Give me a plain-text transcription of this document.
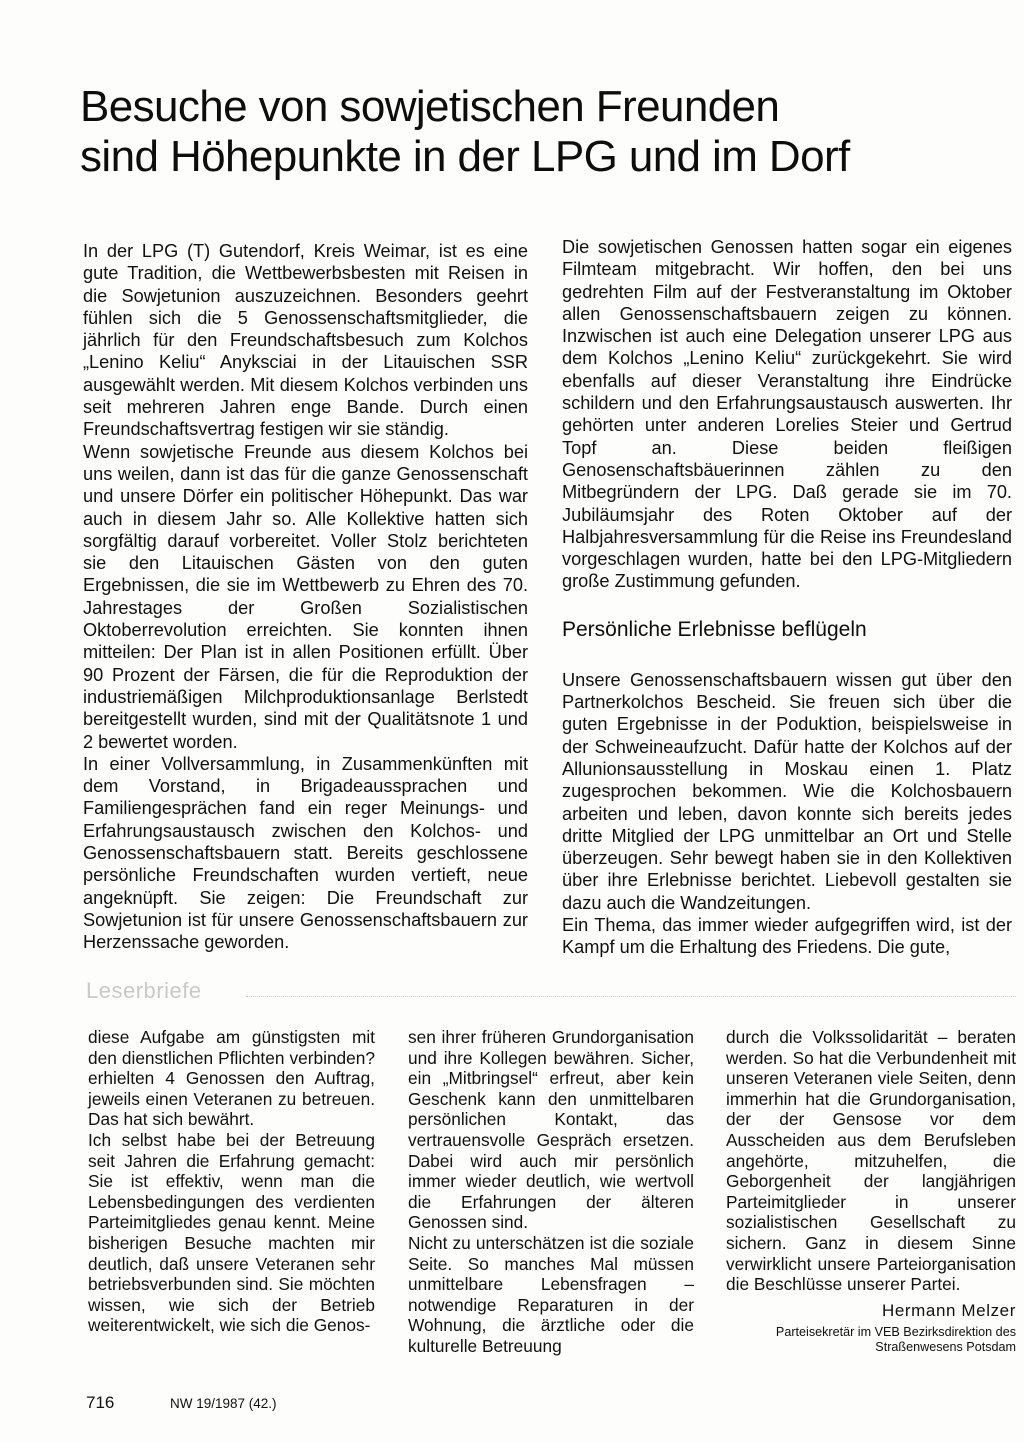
Besuche von sowjetischen Freunden
sind Höhepunkte in der LPG und im Dorf

In der LPG (T) Gutendorf, Kreis Weimar, ist es eine gute Tradition, die Wettbewerbsbesten mit Reisen in die Sowjetunion auszuzeichnen. Besonders geehrt fühlen sich die 5 Genossenschaftsmitglieder, die jährlich für den Freundschaftsbesuch zum Kolchos „Lenino Keliu“ Anyksciai in der Litauischen SSR ausgewählt werden. Mit diesem Kolchos verbinden uns seit mehreren Jahren enge Bande. Durch einen Freundschaftsvertrag festigen wir sie ständig.

Wenn sowjetische Freunde aus diesem Kolchos bei uns weilen, dann ist das für die ganze Genossenschaft und unsere Dörfer ein politischer Höhepunkt. Das war auch in diesem Jahr so. Alle Kollektive hatten sich sorgfältig darauf vorbereitet. Voller Stolz berichteten sie den Litauischen Gästen von den guten Ergebnissen, die sie im Wettbewerb zu Ehren des 70. Jahrestages der Großen Sozialistischen Oktoberrevolution erreichten. Sie konnten ihnen mitteilen: Der Plan ist in allen Positionen erfüllt. Über 90 Prozent der Färsen, die für die Reproduktion der industriemäßigen Milchproduktionsanlage Berlstedt bereitgestellt wurden, sind mit der Qualitätsnote 1 und 2 bewertet worden.

In einer Vollversammlung, in Zusammenkünften mit dem Vorstand, in Brigadeaussprachen und Familiengesprächen fand ein reger Meinungs- und Erfahrungsaustausch zwischen den Kolchos- und Genossenschaftsbauern statt. Bereits geschlossene persönliche Freundschaften wurden vertieft, neue angeknüpft. Sie zeigen: Die Freundschaft zur Sowjetunion ist für unsere Genossenschaftsbauern zur Herzenssache geworden.

Die sowjetischen Genossen hatten sogar ein eigenes Filmteam mitgebracht. Wir hoffen, den bei uns gedrehten Film auf der Festveranstaltung im Oktober allen Genossenschaftsbauern zeigen zu können. Inzwischen ist auch eine Delegation unserer LPG aus dem Kolchos „Lenino Keliu“ zurückgekehrt. Sie wird ebenfalls auf dieser Veranstaltung ihre Eindrücke schildern und den Erfahrungsaustausch auswerten. Ihr gehörten unter anderen Lorelies Steier und Gertrud Topf an. Diese beiden fleißigen Genosenschaftsbäuerinnen zählen zu den Mitbegründern der LPG. Daß gerade sie im 70. Jubiläumsjahr des Roten Oktober auf der Halbjahresversammlung für die Reise ins Freundesland vorgeschlagen wurden, hatte bei den LPG-Mitgliedern große Zustimmung gefunden.

Persönliche Erlebnisse beflügeln

Unsere Genossenschaftsbauern wissen gut über den Partnerkolchos Bescheid. Sie freuen sich über die guten Ergebnisse in der Poduktion, beispielsweise in der Schweineaufzucht. Dafür hatte der Kolchos auf der Allunionsausstellung in Moskau einen 1. Platz zugesprochen bekommen. Wie die Kolchosbauern arbeiten und leben, davon konnte sich bereits jedes dritte Mitglied der LPG unmittelbar an Ort und Stelle überzeugen. Sehr bewegt haben sie in den Kollektiven über ihre Erlebnisse berichtet. Liebevoll gestalten sie dazu auch die Wandzeitungen.

Ein Thema, das immer wieder aufgegriffen wird, ist der Kampf um die Erhaltung des Friedens. Die gute,

Leserbriefe

diese Aufgabe am günstigsten mit den dienstlichen Pflichten verbinden? erhielten 4 Genossen den Auftrag, jeweils einen Veteranen zu betreuen. Das hat sich bewährt.

Ich selbst habe bei der Betreuung seit Jahren die Erfahrung gemacht: Sie ist effektiv, wenn man die Lebensbedingungen des verdienten Parteimitgliedes genau kennt. Meine bisherigen Besuche machten mir deutlich, daß unsere Veteranen sehr betriebsverbunden sind. Sie möchten wissen, wie sich der Betrieb weiterentwickelt, wie sich die Genos-

sen ihrer früheren Grundorganisation und ihre Kollegen bewähren. Sicher, ein „Mitbringsel“ erfreut, aber kein Geschenk kann den unmittelbaren persönlichen Kontakt, das vertrauensvolle Gespräch ersetzen. Dabei wird auch mir persönlich immer wieder deutlich, wie wertvoll die Erfahrungen der älteren Genossen sind.

Nicht zu unterschätzen ist die soziale Seite. So manches Mal müssen unmittelbare Lebensfragen – notwendige Reparaturen in der Wohnung, die ärztliche oder die kulturelle Betreuung

durch die Volkssolidarität – beraten werden. So hat die Verbundenheit mit unseren Veteranen viele Seiten, denn immerhin hat die Grundorganisation, der der Gensose vor dem Ausscheiden aus dem Berufsleben angehörte, mitzuhelfen, die Geborgenheit der langjährigen Parteimitglieder in unserer sozialistischen Gesellschaft zu sichern. Ganz in diesem Sinne verwirklicht unsere Parteiorganisation die Beschlüsse unserer Partei.

Hermann Melzer

Parteisekretär im VEB Bezirksdirektion des
Straßenwesens Potsdam

716	NW 19/1987 (42.)
